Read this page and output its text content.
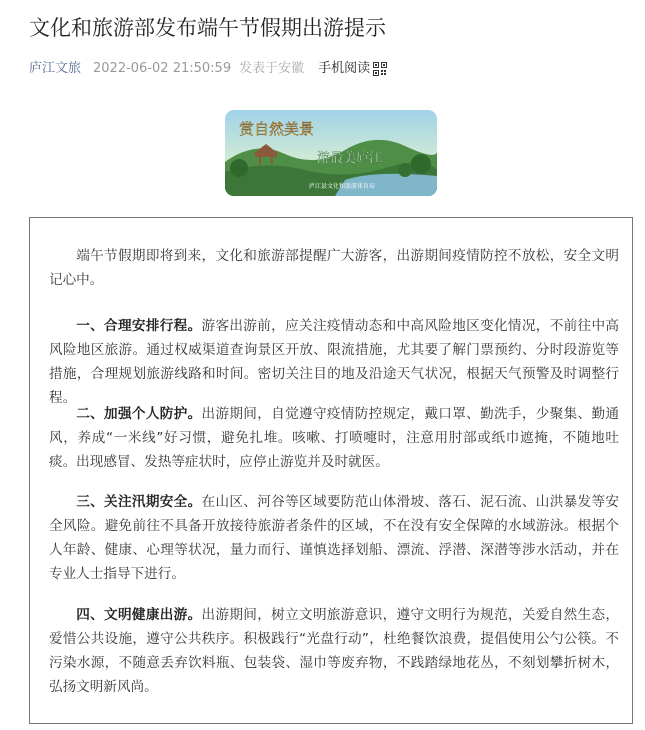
文化和旅游部发布端午节假期出游提示
庐江文旅 2022-06-02 21:50:59 发表于安徽 手机阅读
赏自然美景
游最美庐江
庐江县文化和旅游体育局

端午节假期即将到来，文化和旅游部提醒广大游客，出游期间疫情防控不放松，安全文明记心中。

一、合理安排行程。游客出游前，应关注疫情动态和中高风险地区变化情况，不前往中高风险地区旅游。通过权威渠道查询景区开放、限流措施，尤其要了解门票预约、分时段游览等措施，合理规划旅游线路和时间。密切关注目的地及沿途天气状况，根据天气预警及时调整行程。

二、加强个人防护。出游期间，自觉遵守疫情防控规定，戴口罩、勤洗手，少聚集、勤通风，养成“一米线”好习惯，避免扎堆。咳嗽、打喷嚏时，注意用肘部或纸巾遮掩，不随地吐痰。出现感冒、发热等症状时，应停止游览并及时就医。

三、关注汛期安全。在山区、河谷等区域要防范山体滑坡、落石、泥石流、山洪暴发等安全风险。避免前往不具备开放接待旅游者条件的区域，不在没有安全保障的水域游泳。根据个人年龄、健康、心理等状况，量力而行、谨慎选择划船、漂流、浮潜、深潜等涉水活动，并在专业人士指导下进行。

四、文明健康出游。出游期间，树立文明旅游意识，遵守文明行为规范，关爱自然生态，爱惜公共设施，遵守公共秩序。积极践行“光盘行动”，杜绝餐饮浪费，提倡使用公勺公筷。不污染水源，不随意丢弃饮料瓶、包装袋、湿巾等废弃物，不践踏绿地花丛，不刻划攀折树木，弘扬文明新风尚。
